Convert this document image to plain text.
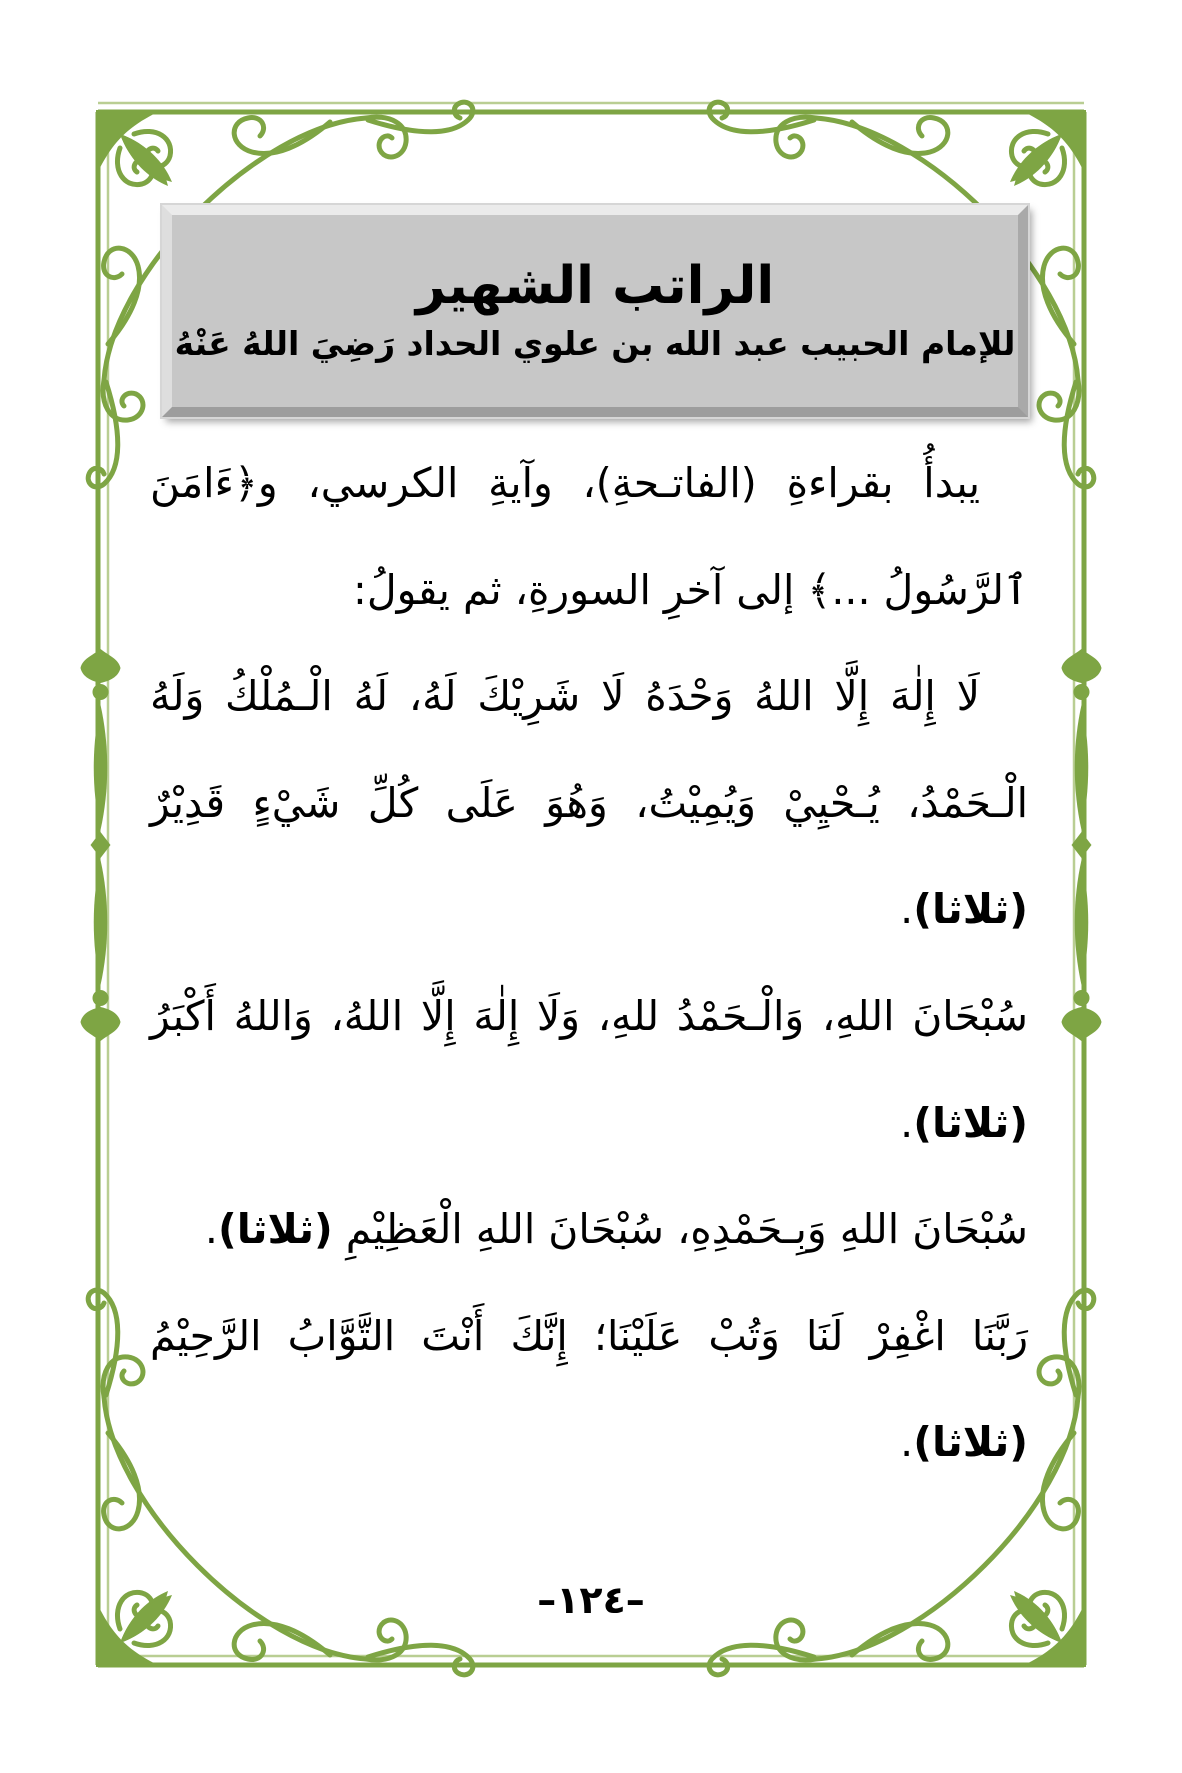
الراتب الشهير
للإمام الحبيب عبد الله بن علوي الحداد رَضِيَ اللهُ عَنْهُ

يبدأُ بقراءةِ (الفاتـحةِ)، وآيةِ الكرسي، و﴿ءَامَنَ ٱلرَّسُولُ ...﴾ إلى آخرِ السورةِ، ثم يقولُ:

لَا إِلٰهَ إِلَّا اللهُ وَحْدَهُ لَا شَرِيْكَ لَهُ، لَهُ الْـمُلْكُ وَلَهُ الْـحَمْدُ، يُـحْيِيْ وَيُمِيْتُ، وَهُوَ عَلَى كُلِّ شَيْءٍ قَدِيْرٌ (ثلاثا).

سُبْحَانَ اللهِ، وَالْـحَمْدُ للهِ، وَلَا إِلٰهَ إِلَّا اللهُ، وَاللهُ أَكْبَرُ (ثلاثا).

سُبْحَانَ اللهِ وَبِـحَمْدِهِ، سُبْحَانَ اللهِ الْعَظِيْمِ (ثلاثا).

رَبَّنَا اغْفِرْ لَنَا وَتُبْ عَلَيْنَا؛ إِنَّكَ أَنْتَ التَّوَّابُ الرَّحِيْمُ (ثلاثا).

–١٢٤–
